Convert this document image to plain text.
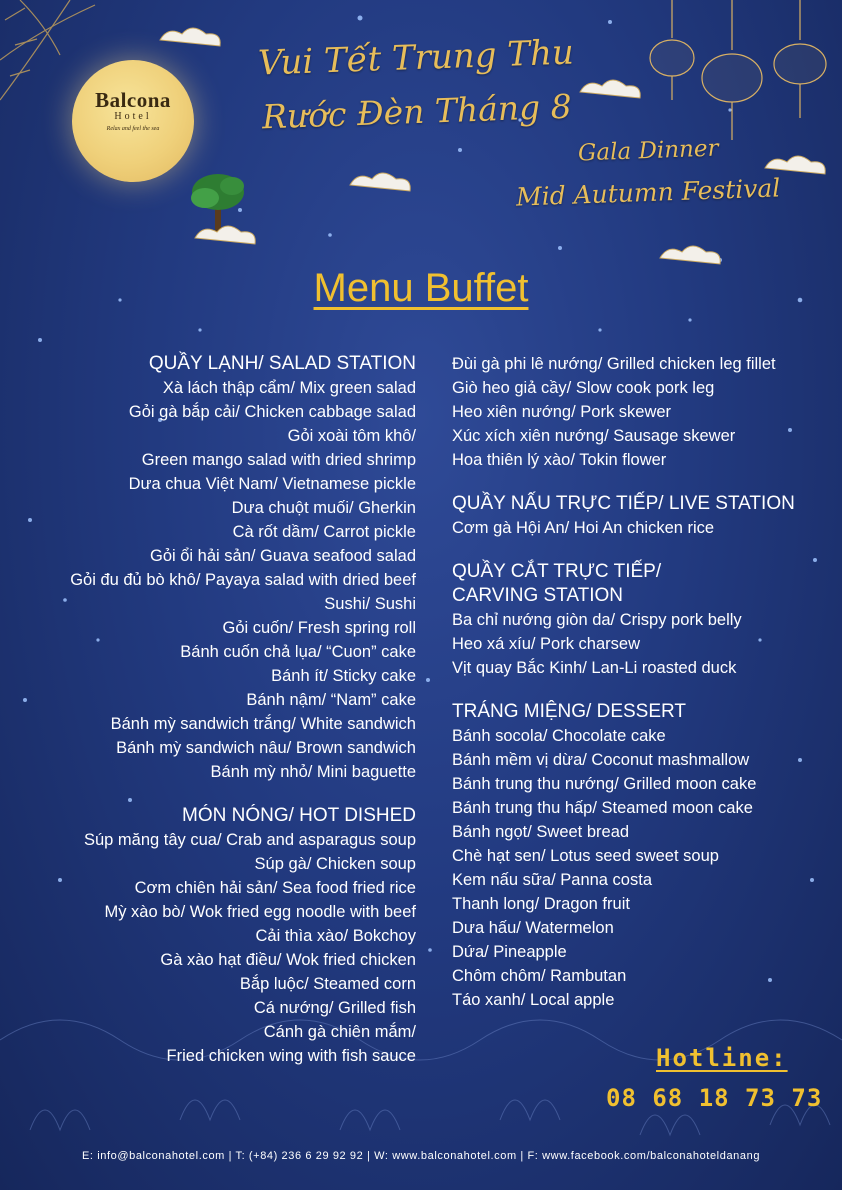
Balcona
Hotel
Relax and feel the sea
Vui Tết Trung Thu
Rước Đèn Tháng 8
Gala Dinner
Mid Autumn Festival
Menu Buffet
QUẦY LẠNH/ SALAD STATION
Xà lách thập cẩm/ Mix green salad
Gỏi gà bắp cải/ Chicken cabbage salad
Gỏi xoài tôm khô/
Green mango salad with dried shrimp
Dưa chua Việt Nam/ Vietnamese pickle
Dưa chuột muối/ Gherkin
Cà rốt dầm/ Carrot pickle
Gỏi ổi hải sản/ Guava seafood salad
Gỏi đu đủ bò khô/ Payaya salad with dried beef
Sushi/ Sushi
Gỏi cuốn/ Fresh spring roll
Bánh cuốn chả lụa/ “Cuon” cake
Bánh ít/ Sticky cake
Bánh nậm/ “Nam” cake
Bánh mỳ sandwich trắng/ White sandwich
Bánh mỳ sandwich nâu/ Brown sandwich
Bánh mỳ nhỏ/ Mini baguette
MÓN NÓNG/ HOT DISHED
Súp măng tây cua/ Crab and asparagus soup
Súp gà/ Chicken soup
Cơm chiên hải sản/ Sea food fried rice
Mỳ xào bò/ Wok fried egg noodle with beef
Cải thìa xào/ Bokchoy
Gà xào hạt điều/ Wok fried chicken
Bắp luộc/ Steamed corn
Cá nướng/ Grilled fish
Cánh gà chiên mắm/
Fried chicken wing with fish sauce
Đùi gà phi lê nướng/ Grilled chicken leg fillet
Giò heo giả cầy/ Slow cook pork leg
Heo xiên nướng/ Pork skewer
Xúc xích xiên nướng/ Sausage skewer
Hoa thiên lý xào/ Tokin flower
QUẦY NẤU TRỰC TIẾP/ LIVE STATION
Cơm gà Hội An/ Hoi An chicken rice
QUẦY CẮT TRỰC TIẾP/
CARVING STATION
Ba chỉ nướng giòn da/ Crispy pork belly
Heo xá xíu/ Pork charsew
Vịt quay Bắc Kinh/ Lan-Li roasted duck
TRÁNG MIỆNG/ DESSERT
Bánh socola/ Chocolate cake
Bánh mềm vị dừa/ Coconut mashmallow
Bánh trung thu nướng/ Grilled moon cake
Bánh trung thu hấp/ Steamed moon cake
Bánh ngọt/ Sweet bread
Chè hạt sen/ Lotus seed sweet soup
Kem nấu sữa/ Panna costa
Thanh long/ Dragon fruit
Dưa hấu/ Watermelon
Dứa/ Pineapple
Chôm chôm/ Rambutan
Táo xanh/ Local apple
Hotline:
08 68 18 73 73
E: info@balconahotel.com | T: (+84) 236 6 29 92 92 | W: www.balconahotel.com | F: www.facebook.com/balconahoteldanang
